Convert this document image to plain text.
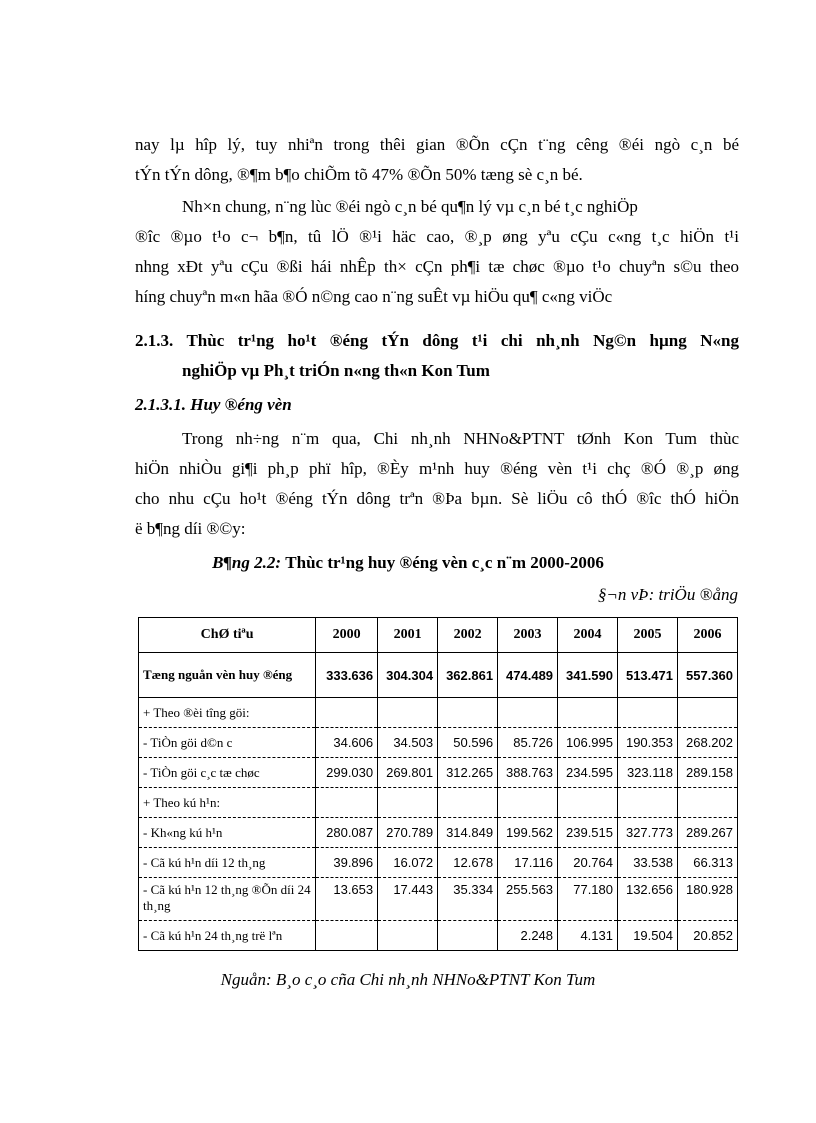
nay lµ hîp lý, tuy nhiªn trong thêi gian ®Õn cÇn t¨ng cêng ®éi ngò c¸n bé
tÝn tÝn dông, ®¶m b¶o chiÕm tõ 47% ®Õn 50% tæng sè c¸n bé.

Nh×n chung, n¨ng lùc ®éi ngò c¸n bé qu¶n lý vµ c¸n bé t¸c nghiÖp
®îc ®µo t¹o c¬ b¶n, tû lÖ ®¹i häc cao, ®¸p øng yªu cÇu c«ng t¸c hiÖn t¹i
nhng xÐt yªu cÇu ®ßi hái nhÊp th× cÇn ph¶i tæ chøc ®µo t¹o chuyªn s©u theo
híng chuyªn m«n hãa ®Ó n©ng cao n¨ng suÊt vµ hiÖu qu¶ c«ng viÖc

2.1.3. Thùc tr¹ng ho¹t ®éng tÝn dông t¹i chi nh¸nh Ng©n hµng N«ng
nghiÖp vµ Ph¸t triÓn n«ng th«n Kon Tum

2.1.3.1. Huy ®éng vèn

Trong nh÷ng n¨m qua, Chi nh¸nh NHNo&PTNT tØnh Kon Tum thùc
hiÖn nhiÒu gi¶i ph¸p phï hîp, ®Èy m¹nh huy ®éng vèn t¹i chç ®Ó ®¸p øng
cho nhu cÇu ho¹t ®éng tÝn dông trªn ®Þa bµn. Sè liÖu cô thÓ ®îc thÓ hiÖn
ë b¶ng díi ®©y:

B¶ng 2.2: Thùc tr¹ng huy ®éng vèn c¸c n¨m 2000-2006

§¬n vÞ: triÖu ®ång

ChØ tiªu	2000	2001	2002	2003	2004	2005	2006
Tæng nguån vèn huy ®éng	333.636	304.304	362.861	474.489	341.590	513.471	557.360
+ Theo ®èi tîng göi:							
- TiÒn göi d©n c	34.606	34.503	50.596	85.726	106.995	190.353	268.202
- TiÒn göi c¸c tæ chøc	299.030	269.801	312.265	388.763	234.595	323.118	289.158
+ Theo kú h¹n:							
- Kh«ng kú h¹n	280.087	270.789	314.849	199.562	239.515	327.773	289.267
- Cã kú h¹n díi 12 th¸ng	39.896	16.072	12.678	17.116	20.764	33.538	66.313
- Cã kú h¹n 12 th¸ng ®Õn díi 24 th¸ng	13.653	17.443	35.334	255.563	77.180	132.656	180.928
- Cã kú h¹n 24 th¸ng trë lªn				2.248	4.131	19.504	20.852

Nguån: B¸o c¸o cña Chi nh¸nh NHNo&PTNT Kon Tum
